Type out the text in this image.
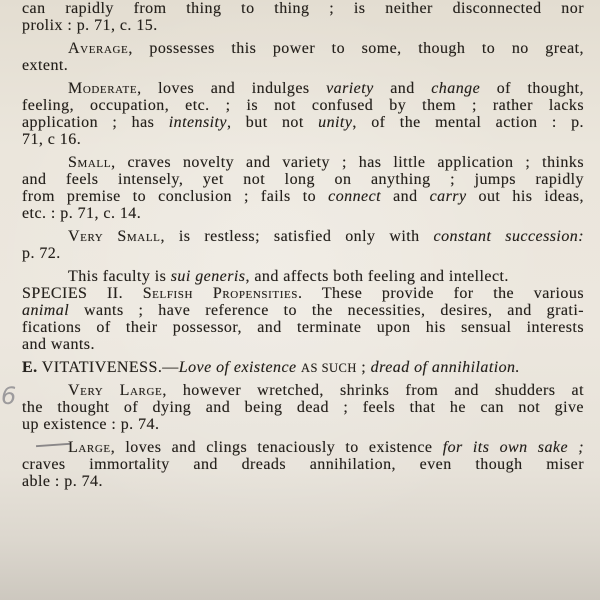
can rapidly from thing to thing ; is neither disconnected nor
prolix : p. 71, c. 15.
Average, possesses this power to some, though to no great,
extent.
Moderate, loves and indulges variety and change of thought,
feeling, occupation, etc. ; is not confused by them ; rather lacks
application ; has intensity, but not unity, of the mental action : p.
71, c 16.
Small, craves novelty and variety ; has little application ; thinks
and feels intensely, yet not long on anything ; jumps rapidly
from premise to conclusion ; fails to connect and carry out his ideas,
etc. : p. 71, c. 14.
Very Small, is restless; satisfied only with constant succession:
p. 72.
This faculty is sui generis, and affects both feeling and intellect.
SPECIES II. Selfish Propensities. These provide for the various
animal wants ; have reference to the necessities, desires, and grati-
fications of their possessor, and terminate upon his sensual interests
and wants.
E. VITATIVENESS.—Love of existence AS SUCH ; dread of annihilation.
Very Large, however wretched, shrinks from and shudders at
the thought of dying and being dead ; feels that he can not give
up existence : p. 74.
Large, loves and clings tenaciously to existence for its own sake ;
craves immortality and dreads annihilation, even though miser
able : p. 74.
6
